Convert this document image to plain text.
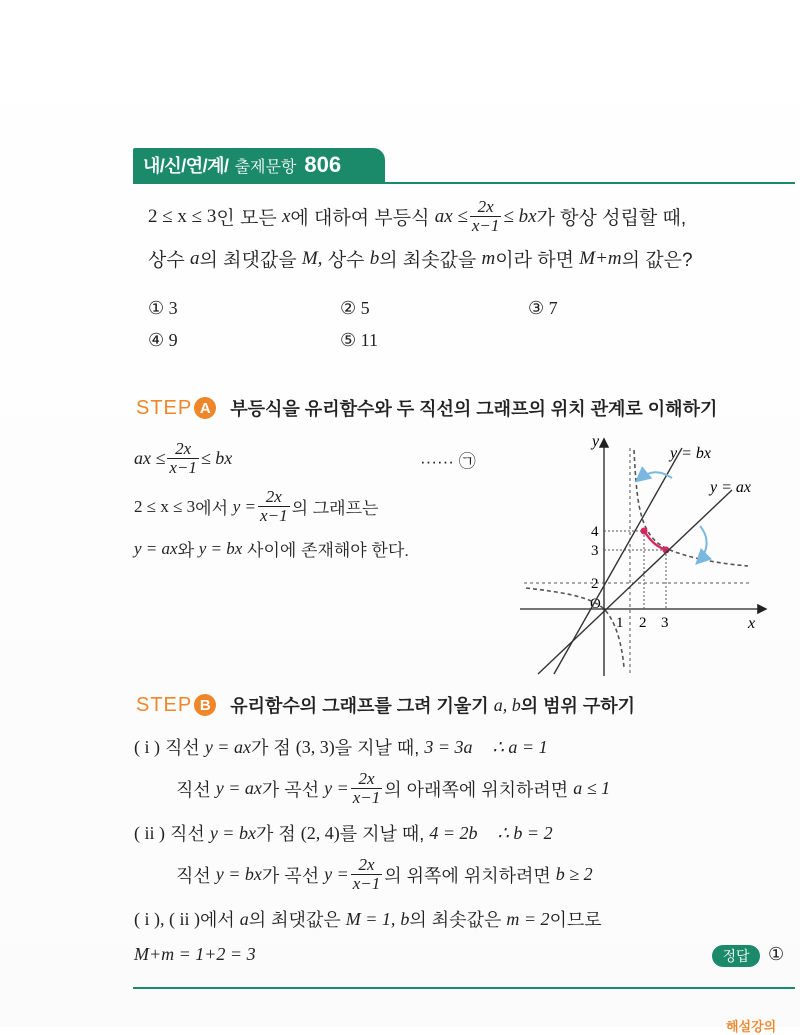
내/신/연/계/ 출제문항 806
2 ≤ x ≤ 3 인 모든
x 에 대하여 부등식
ax ≤ $\frac{2x}{x-1}$ ≤ bx 가 항상 성립할 때,
상수
a 의 최댓값을
M,
상수
b 의 최솟값을
m 이라 하면
M+m 의 값은?
① 3	② 5	③ 7
④ 9	⑤ 11
STEP A	부등식을 유리함수와 두 직선의 그래프의 위치 관계로 이해하기
ax ≤ $\frac{2x}{x-1}$ ≤ bx	······ ㉠
2 ≤ x ≤ 3 에서
$y = \frac{2x}{x-1}$ 의 그래프는
y = ax 와
y = bx
사이에 존재해야 한다.
y
x
O
y = bx
y = ax
4
3
2
1 2 3
STEP B	유리함수의 그래프를 그려 기울기
a, b 의 범위 구하기
( i )
직선
y = ax 가 점
(3, 3) 을 지날 때,
3 = 3a
∴ a = 1
직선
y = ax 가 곡선
$y = \frac{2x}{x-1}$ 의 아래쪽에 위치하려면
a ≤ 1
( ii )
직선
y = bx 가 점
(2, 4) 를 지날 때,
4 = 2b
∴ b = 2
직선
y = bx 가 곡선
$y = \frac{2x}{x-1}$ 의 위쪽에 위치하려면
b ≥ 2
( i ), ( ii ) 에서
a 의 최댓값은
M = 1,
b 의 최솟값은
m = 2 이므로
M+m = 1+2 = 3	정답	①
해설강의
